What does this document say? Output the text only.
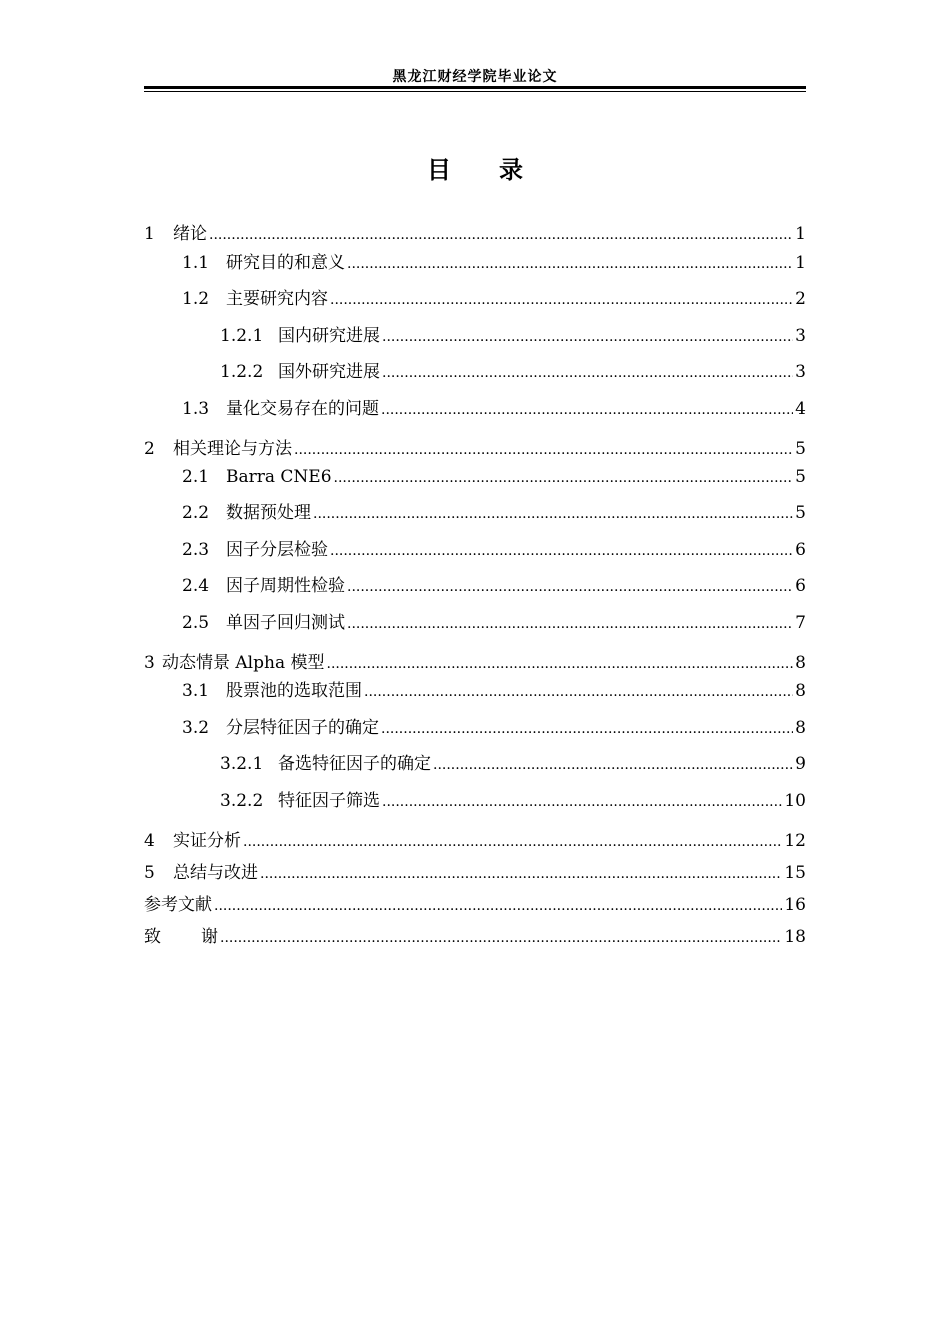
黑龙江财经学院毕业论文
目 录
1	绪论 .....	1
1.1 研究目的和意义 .....	1
1.2 主要研究内容 .....	2
1.2.1 国内研究进展 .....	3
1.2.2 国外研究进展 .....	3
1.3 量化交易存在的问题 .....	4
2	相关理论与方法 .....	5
2.1 Barra CNE6 .....	5
2.2 数据预处理 .....	5
2.3 因子分层检验 .....	6
2.4 因子周期性检验 .....	6
2.5 单因子回归测试 .....	7
3 动态情景 Alpha 模型 .....	8
3.1 股票池的选取范围 .....	8
3.2 分层特征因子的确定 .....	8
3.2.1 备选特征因子的确定 .....	9
3.2.2 特征因子筛选 .....	10
4	实证分析 .....	12
5	总结与改进 .....	15
参考文献 .....	16
致 谢 .....	18
